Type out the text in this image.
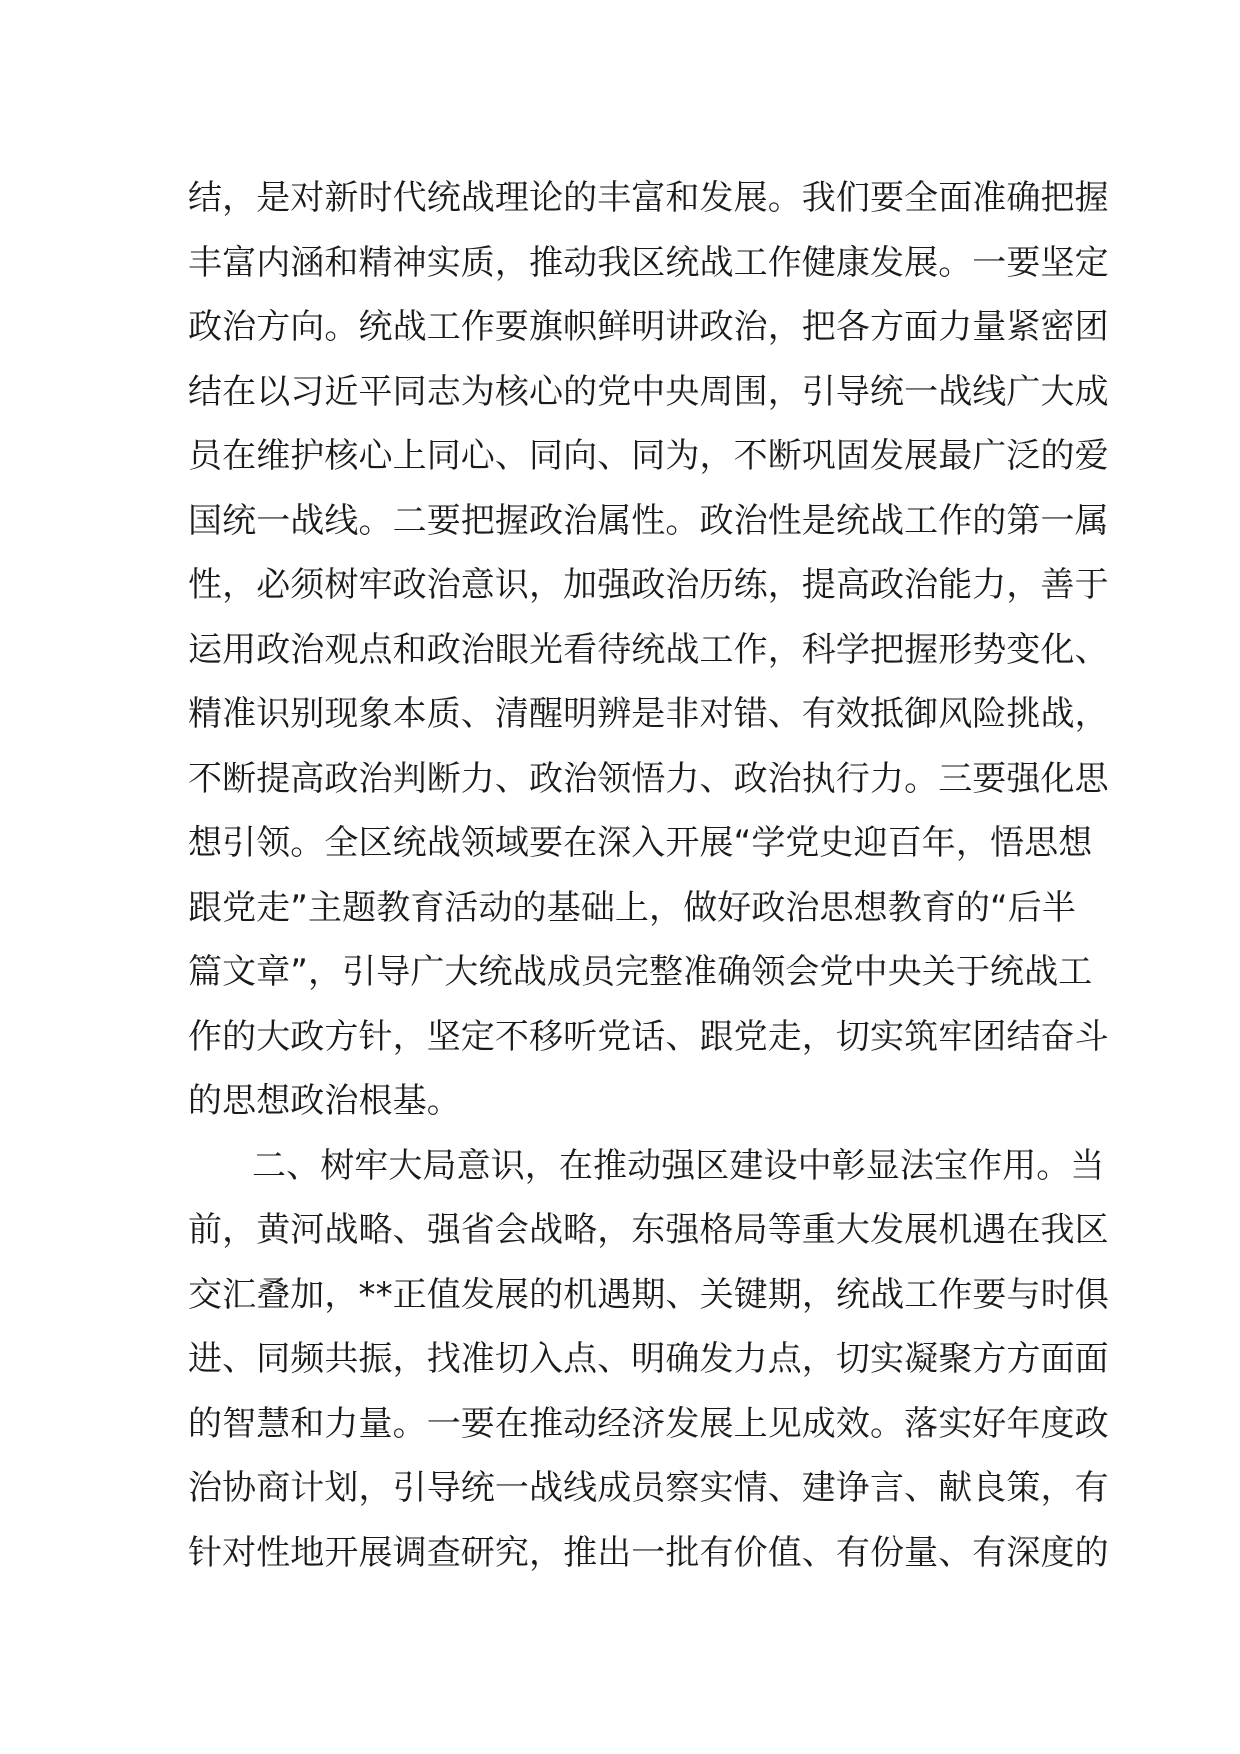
结，是对新时代统战理论的丰富和发展。我们要全面准确把握
丰富内涵和精神实质，推动我区统战工作健康发展。一要坚定
政治方向。统战工作要旗帜鲜明讲政治，把各方面力量紧密团
结在以习近平同志为核心的党中央周围，引导统一战线广大成
员在维护核心上同心、同向、同为，不断巩固发展最广泛的爱
国统一战线。二要把握政治属性。政治性是统战工作的第一属
性，必须树牢政治意识，加强政治历练，提高政治能力，善于
运用政治观点和政治眼光看待统战工作，科学把握形势变化、
精准识别现象本质、清醒明辨是非对错、有效抵御风险挑战，
不断提高政治判断力、政治领悟力、政治执行力。三要强化思
想引领。全区统战领域要在深入开展“学党史迎百年，悟思想
跟党走”主题教育活动的基础上，做好政治思想教育的“后半
篇文章”，引导广大统战成员完整准确领会党中央关于统战工
作的大政方针，坚定不移听党话、跟党走，切实筑牢团结奋斗
的思想政治根基。
二、树牢大局意识，在推动强区建设中彰显法宝作用。当
前，黄河战略、强省会战略，东强格局等重大发展机遇在我区
交汇叠加，**正值发展的机遇期、关键期，统战工作要与时俱
进、同频共振，找准切入点、明确发力点，切实凝聚方方面面
的智慧和力量。一要在推动经济发展上见成效。落实好年度政
治协商计划，引导统一战线成员察实情、建诤言、献良策，有
针对性地开展调查研究，推出一批有价值、有份量、有深度的
